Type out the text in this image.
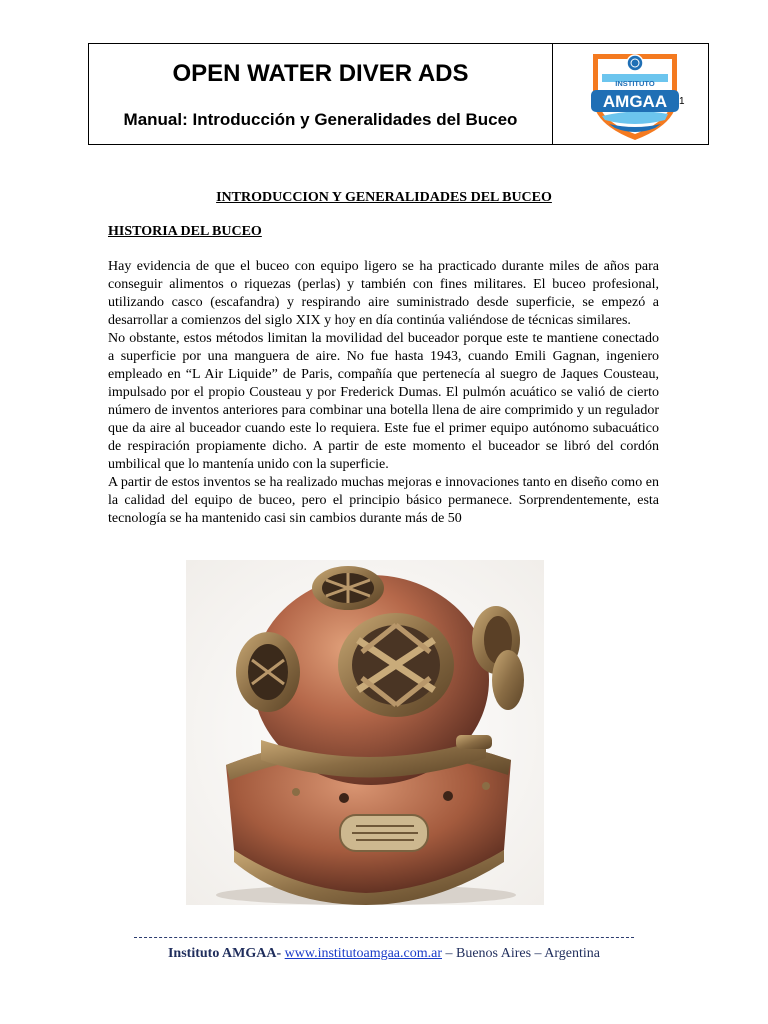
OPEN WATER DIVER ADS
Manual: Introducción y Generalidades del Buceo
INSTITUTO
AMGAA 1
INTRODUCCION Y GENERALIDADES DEL BUCEO
HISTORIA DEL BUCEO

Hay evidencia de que el buceo con equipo ligero se ha practicado durante miles de años para conseguir alimentos o riquezas (perlas) y también con fines militares. El buceo profesional, utilizando casco (escafandra) y respirando aire suministrado desde superficie, se empezó a desarrollar a comienzos del siglo XIX y hoy en día continúa valiéndose de técnicas similares.

No obstante, estos métodos limitan la movilidad del buceador porque este te mantiene conectado a superficie por una manguera de aire. No fue hasta 1943, cuando Emili Gagnan, ingeniero empleado en “L Air Liquide” de Paris, compañía que pertenecía al suegro de Jaques Cousteau, impulsado por el propio Cousteau y por Frederick Dumas. El pulmón acuático se valió de cierto número de inventos anteriores para combinar una botella llena de aire comprimido y un regulador que da aire al buceador cuando este lo requiera. Este fue el primer equipo autónomo subacuático de respiración propiamente dicho. A partir de este momento el buceador se libró del cordón umbilical que lo mantenía unido con la superficie.

A partir de estos inventos se ha realizado muchas mejoras e innovaciones tanto en diseño como en la calidad del equipo de buceo, pero el principio básico permanece. Sorprendentemente, esta tecnología se ha mantenido casi sin cambios durante más de 50

Instituto AMGAA- www.institutoamgaa.com.ar – Buenos Aires – Argentina
